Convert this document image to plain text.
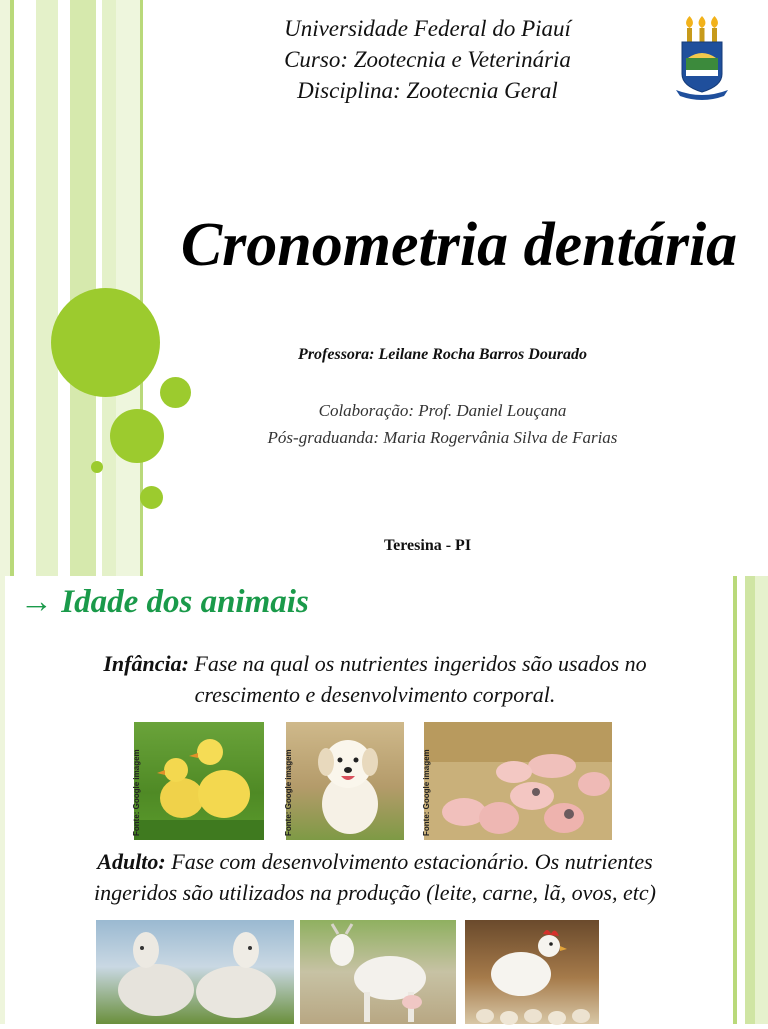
Universidade Federal do Piauí
Curso: Zootecnia e Veterinária
Disciplina: Zootecnia Geral
Cronometria dentária
Professora: Leilane Rocha Barros Dourado
Colaboração: Prof. Daniel Louçana
Pós-graduanda: Maria Rogervânia Silva de Farias
Teresina - PI
→ Idade dos animais
Infância: Fase na qual os nutrientes ingeridos são usados no
crescimento e desenvolvimento corporal.
Fonte: Google imagem	Fonte: Google imagem	Fonte: Google imagem
Adulto: Fase com desenvolvimento estacionário. Os nutrientes
ingeridos são utilizados na produção (leite, carne, lã, ovos, etc)
